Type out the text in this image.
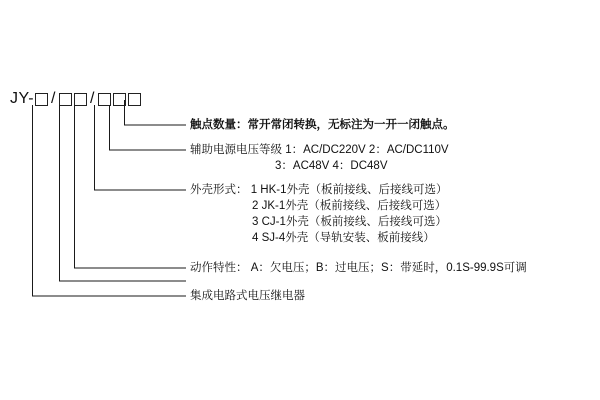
JY- / /
触点数量：常开常闭转换，无标注为一开一闭触点。
辅助电源电压等级 1：AC/DC220V 2：AC/DC110V
3：AC48V 4：DC48V
外壳形式： 1 HK-1外壳（板前接线、后接线可选）
2 JK-1外壳（板前接线、后接线可选）
3 CJ-1外壳（板前接线、后接线可选）
4 SJ-4外壳（导轨安装、板前接线）
动作特性： A：欠电压；B：过电压；S：带延时，0.1S-99.9S可调
集成电路式电压继电器
